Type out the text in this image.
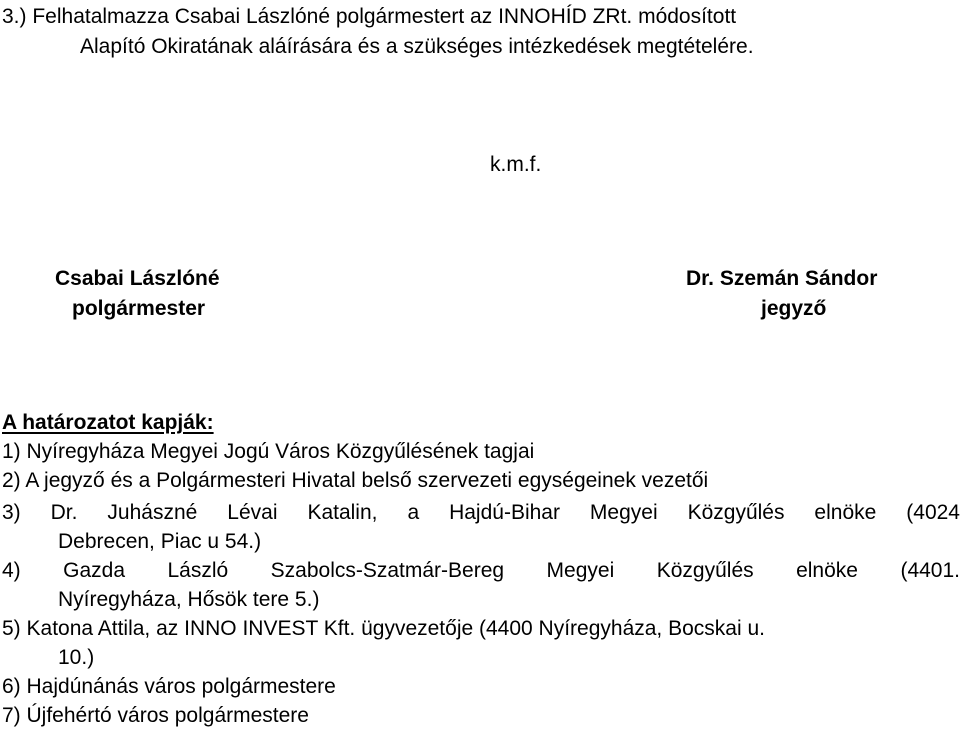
3.) Felhatalmazza Csabai Lászlóné polgármestert az INNOHÍD ZRt. módosított
Alapító Okiratának aláírására és a szükséges intézkedések megtételére.
k.m.f.
Csabai Lászlóné
polgármester
Dr. Szemán Sándor
jegyző
A határozatot kapják:
1) Nyíregyháza Megyei Jogú Város Közgyűlésének tagjai
2) A jegyző és a Polgármesteri Hivatal belső szervezeti egységeinek vezetői
3) Dr. Juhászné Lévai Katalin, a Hajdú-Bihar Megyei Közgyűlés elnöke (4024
Debrecen, Piac u 54.)
4) Gazda László Szabolcs-Szatmár-Bereg Megyei Közgyűlés elnöke (4401.
Nyíregyháza, Hősök tere 5.)
5) Katona Attila, az INNO INVEST Kft. ügyvezetője (4400 Nyíregyháza, Bocskai u.
10.)
6) Hajdúnánás város polgármestere
7) Újfehértó város polgármestere
